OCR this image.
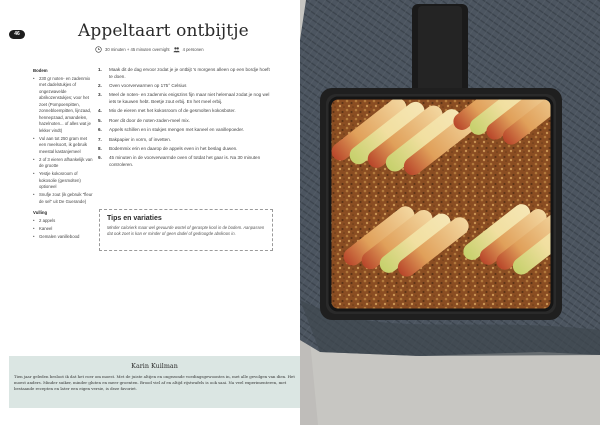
46	Appeltaart ontbijtje
30 minuten + 45 minuten overnight	4 personen
Bodem
• 230 gr noten- en zadenmix met dadelstukjes of ongezwavelde abrikozenstukjes; voor het zoet (Pompoenpitten, zonnebloempitten, lijnzaad, hennepzaad, amandelen, hazelnoten... of alles wat je lekker vindt)
• Vul aan tot 250 gram met een meelsoort, ik gebruik meestal kastanjemeel
• 2 of 3 eieren afhankelijk van de grootte
• Yestje kokosroom of kokosolie (gesmolten) optioneel
• Snufje zout (ik gebruik "fleur de sel" uit De Guerande)
Vulling
• 2 appels
• Kaneel
• Gemalen vanillebood
1.	Maak dit de dag ervoor zodat je je ontbijt 's morgens alleen op een bordje hoeft te doen.
2.	Oven voorverwarmen op 175° Celsius
3.	Meel de noten- en zadenmix enigszins fijn maar niet helemaal zodat je nog wel iets te kauwen hebt. Beetje zout erbij. En het meel erbij.
4.	Mix de eieren met het kokosroom of de gesmolten kokosboter.
5.	Roer dit door de noten-zaden-meel mix.
6.	Appels schillen en in stukjes mengen met kaneel en vanillepoeder.
7.	Bakpapier in vorm, of invetten.
8.	Bodemmix erin en daarop de appels even in het beslag duwen.
9.	45 minuten in de voorverwarmde oven of totdat het gaar is. Na 30 minuten controleren.
Tips en variaties
Minder calorierk maar wel gevuurde wortel of geraspte kool in de bodem. Aanpassen dat ook zoet is kan er minder of geen dadel of gedroogde abrikoos in.
Karin Kuilman
Tien jaar geleden besloot ik dat het roer om moest. Met de juiste altijen en ongezonde voedingsgewoontes in, met alle gevolgen van dien. Het moest anders. Minder suiker, minder gluten en meer groenten. Brood viel af en altijd rijstwafels is ook saai. Na veel experimenteren, met bestaande recepten en later een eigen versie, is deze favoriet.
